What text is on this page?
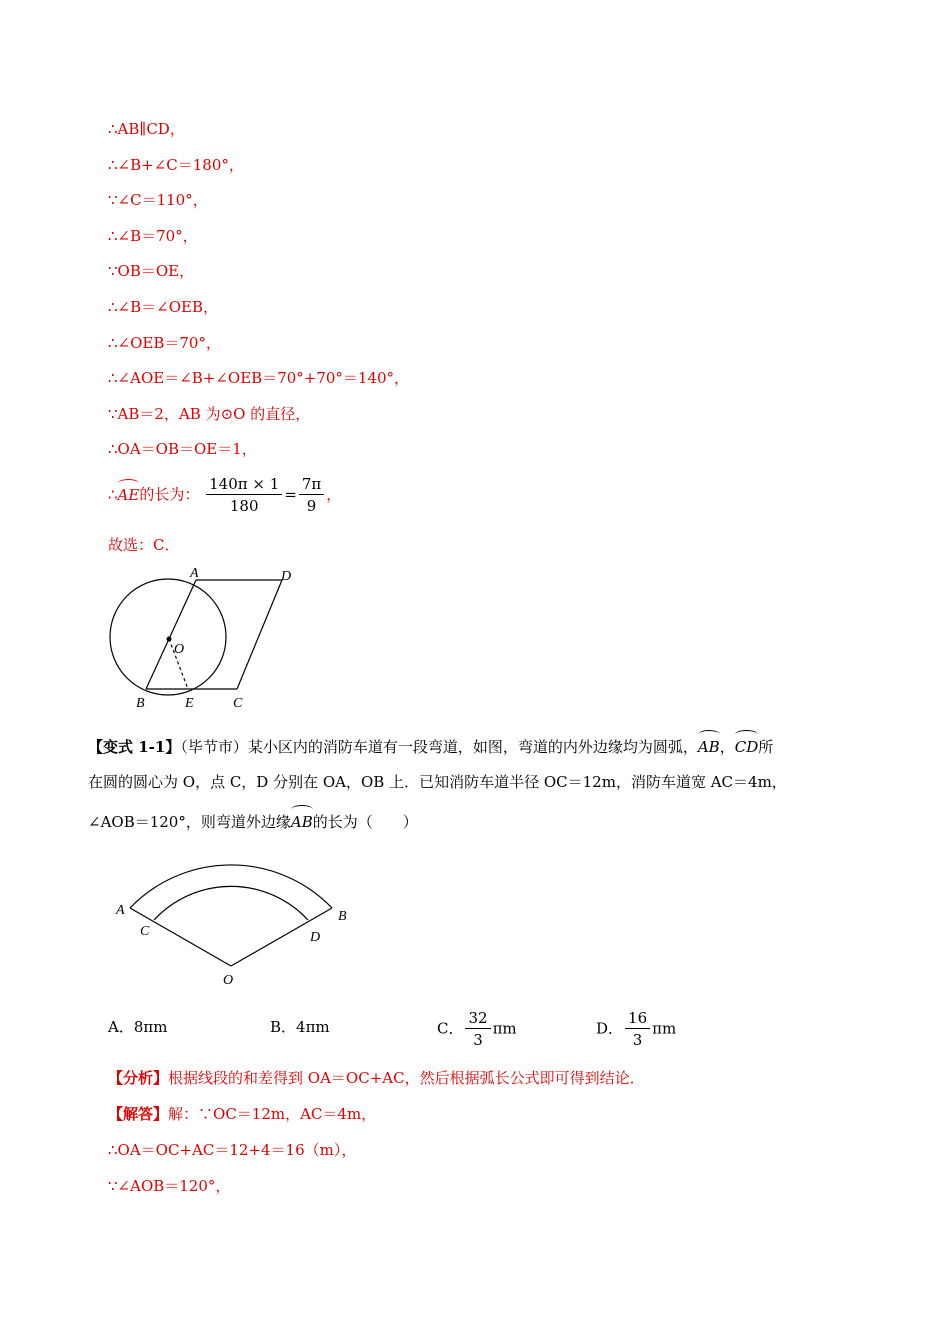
∴AB∥CD，
∴∠B+∠C＝180°，
∵∠C＝110°，
∴∠B＝70°，
∵OB＝OE，
∴∠B＝∠OEB，
∴∠OEB＝70°，
∴∠AOE＝∠B+∠OEB＝70°+70°＝140°，
∵AB＝2，AB 为⊙O 的直径，
∴OA＝OB＝OE＝1，
∴AE的长为： $\frac{140\pi \times 1}{180} = \frac{7\pi}{9}$ ，
故选：C．
A	D
O
B	E	C
【变式 1-1】（毕节市）某小区内的消防车道有一段弯道，如图，弯道的内外边缘均为圆弧，AB，CD所
在圆的圆心为 O，点 C，D 分别在 OA，OB 上．已知消防车道半径 OC＝12m，消防车道宽 AC＝4m，
∠AOB＝120°，则弯道外边缘AB的长为（　　）
A
C
O
D
B
A．8πm	B．4πm	C． $\frac{32}{3}$ πm	D． $\frac{16}{3}$ πm
【分析】根据线段的和差得到 OA＝OC+AC，然后根据弧长公式即可得到结论．
【解答】解：∵OC＝12m，AC＝4m，
∴OA＝OC+AC＝12+4＝16（m），
∵∠AOB＝120°，
